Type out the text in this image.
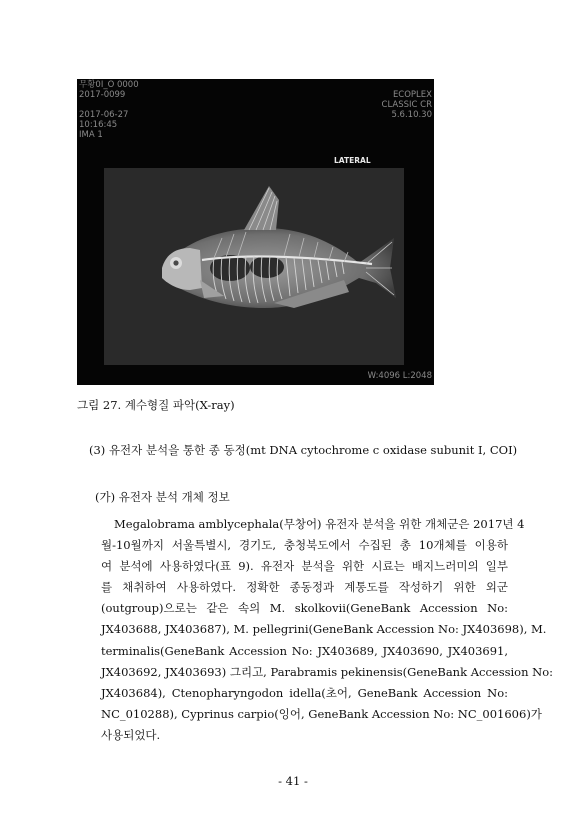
무황0I_O 0000
2017-0099
2017-06-27
10:16:45
IMA 1
ECOPLEX
CLASSIC CR
5.6.10.30
W:4096 L:2048
LATERAL
그림 27. 계수형질 파악(X-ray)
(3) 유전자 분석을 통한 종 동정(mt DNA cytochrome c oxidase subunit I, COI)
(가) 유전자 분석 개체 정보
Megalobrama amblycephala(무창어) 유전자 분석을 위한 개체군은 2017년 4
월-10월까지 서울특별시, 경기도, 충청북도에서 수집된 총 10개체를 이용하
여 분석에 사용하였다(표 9). 유전자 분석을 위한 시료는 배지느러미의 일부
를 채취하여 사용하였다. 정확한 종동정과 계통도를 작성하기 위한 외군
(outgroup)으로는 같은 속의 M. skolkovii(GeneBank Accession No:
JX403688, JX403687), M. pellegrini(GeneBank Accession No: JX403698), M.
terminalis(GeneBank Accession No: JX403689, JX403690, JX403691,
JX403692, JX403693) 그리고, Parabramis pekinensis(GeneBank Accession No:
JX403684), Ctenopharyngodon idella(초어, GeneBank Accession No:
NC_010288), Cyprinus carpio(잉어, GeneBank Accession No: NC_001606)가
사용되었다.
- 41 -
